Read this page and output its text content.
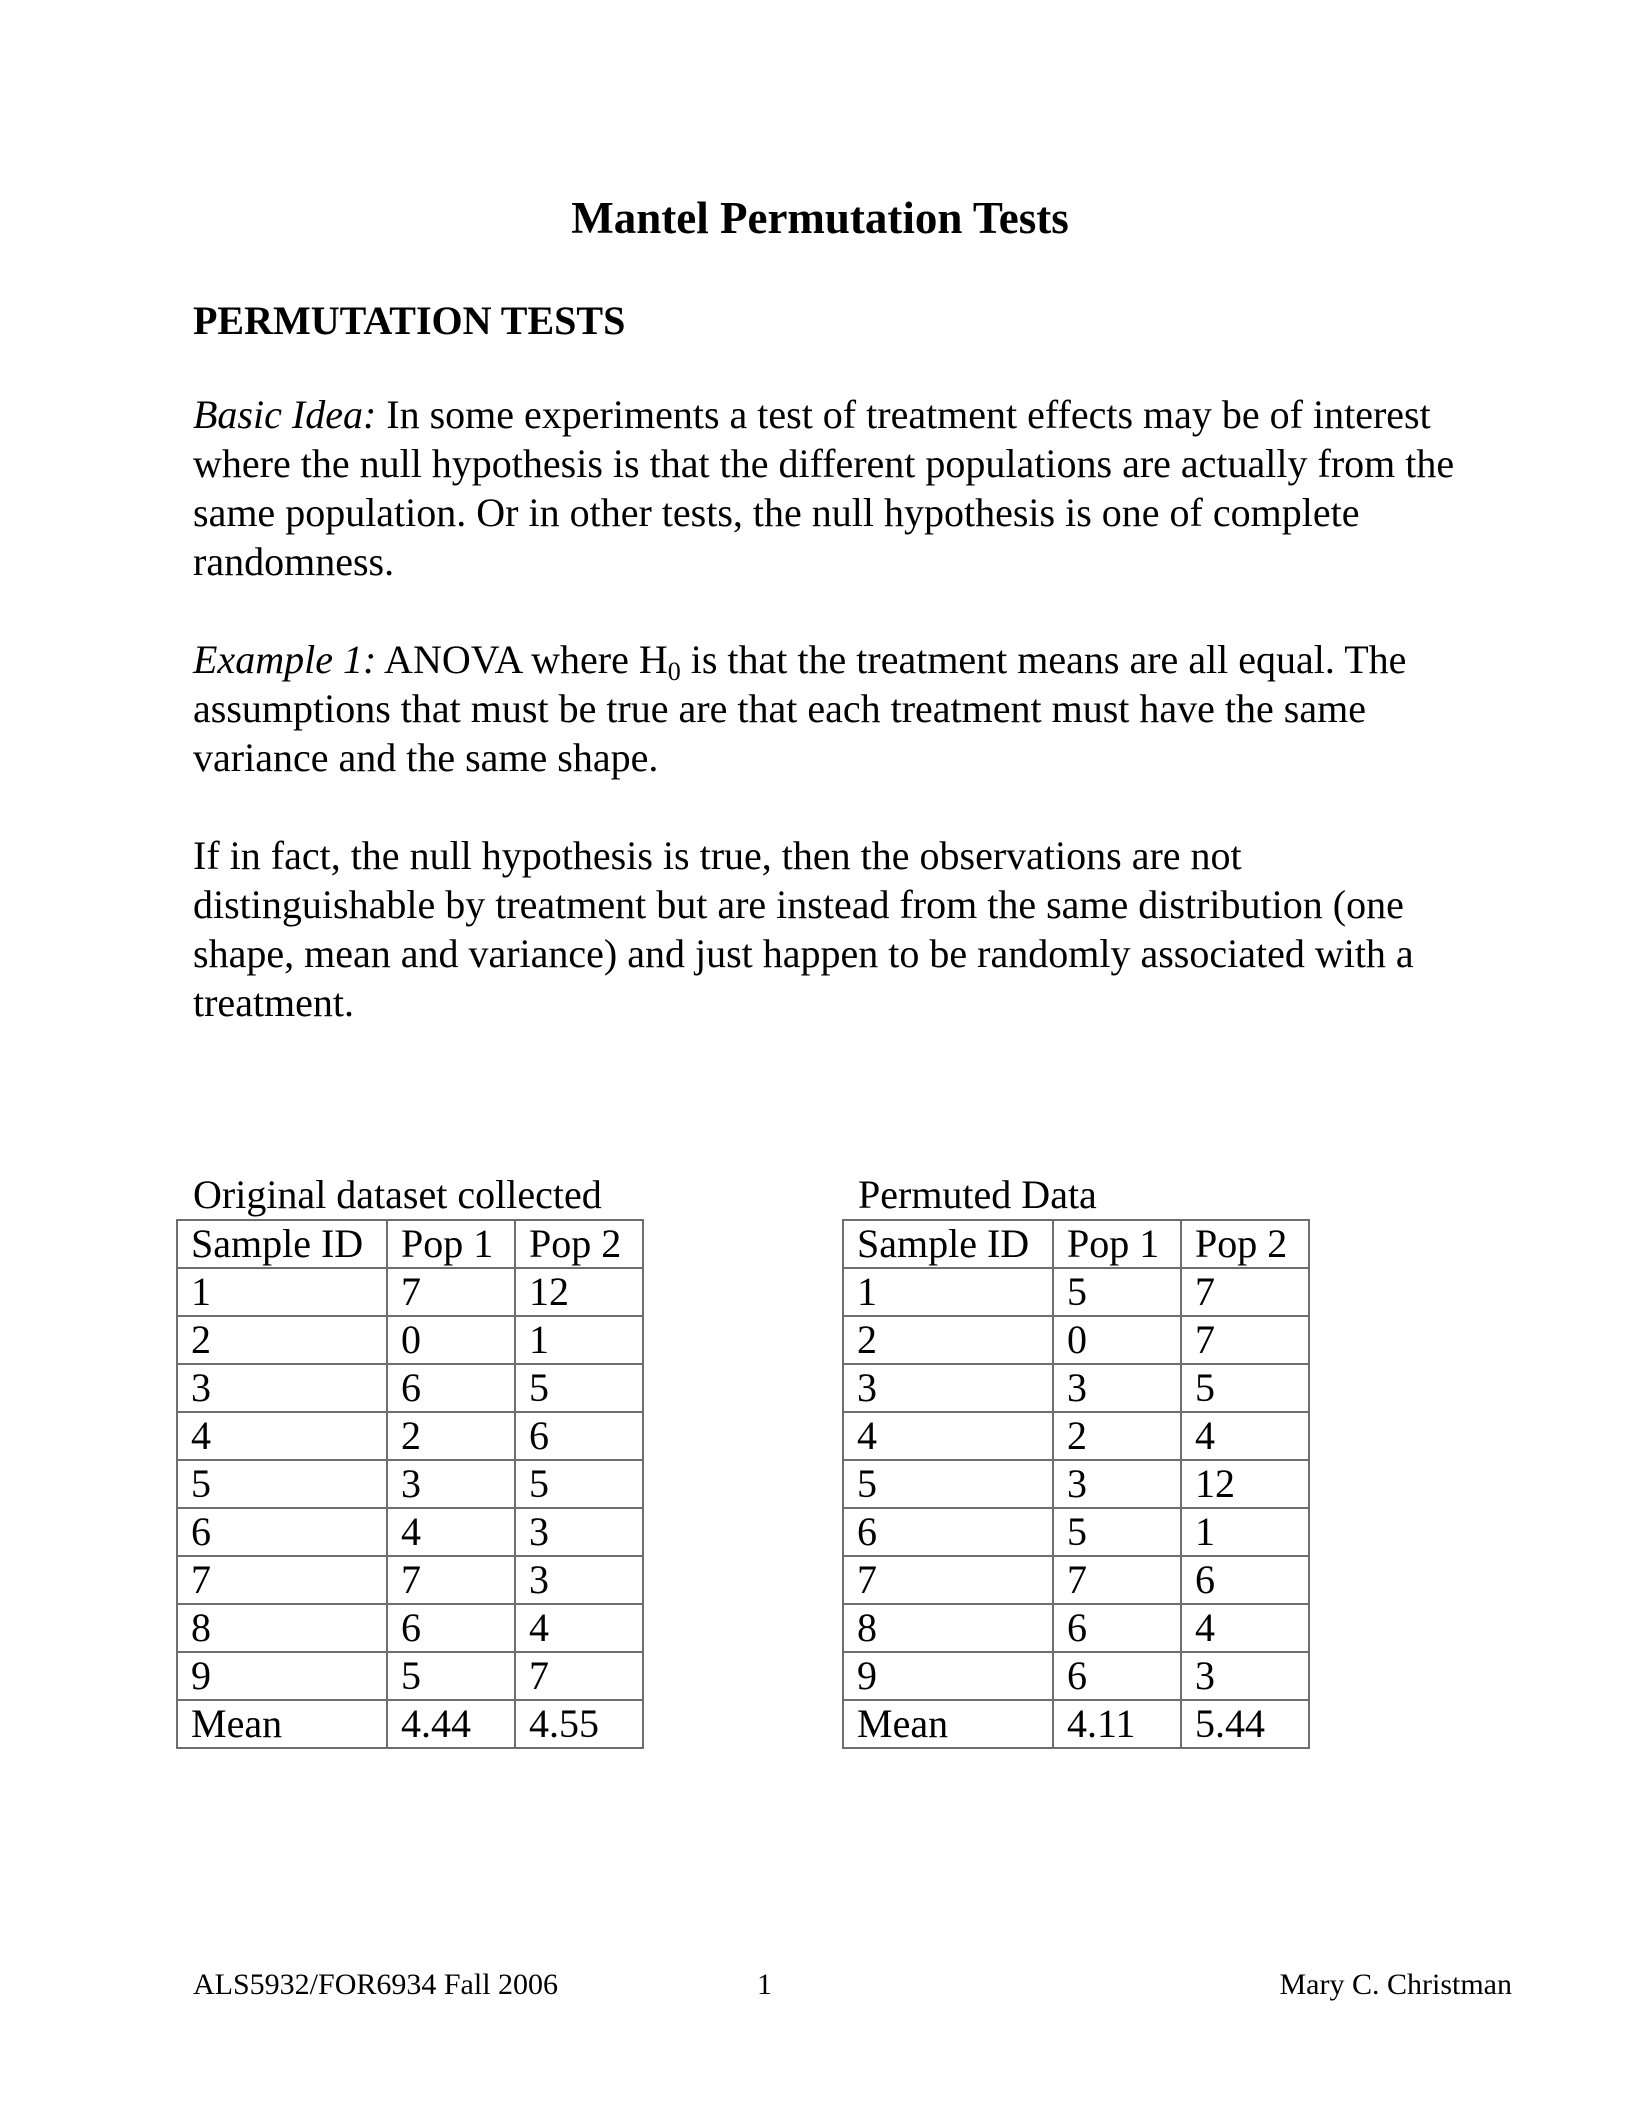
Mantel Permutation Tests
PERMUTATION TESTS

Basic Idea: In some experiments a test of treatment effects may be of interest where the null hypothesis is that the different populations are actually from the same population. Or in other tests, the null hypothesis is one of complete randomness.

Example 1: ANOVA where $H_0$ is that the treatment means are all equal. The assumptions that must be true are that each treatment must have the same variance and the same shape.

If in fact, the null hypothesis is true, then the observations are not distinguishable by treatment but are instead from the same distribution (one shape, mean and variance) and just happen to be randomly associated with a treatment.

Original dataset collected
Sample ID	Pop 1	Pop 2
1	7	12
2	0	1
3	6	5
4	2	6
5	3	5
6	4	3
7	7	3
8	6	4
9	5	7
Mean	4.44	4.55
Permuted Data
Sample ID	Pop 1	Pop 2
1	5	7
2	0	7
3	3	5
4	2	4
5	3	12
6	5	1
7	7	6
8	6	4
9	6	3
Mean	4.11	5.44
ALS5932/FOR6934 Fall 2006	1	Mary C. Christman
